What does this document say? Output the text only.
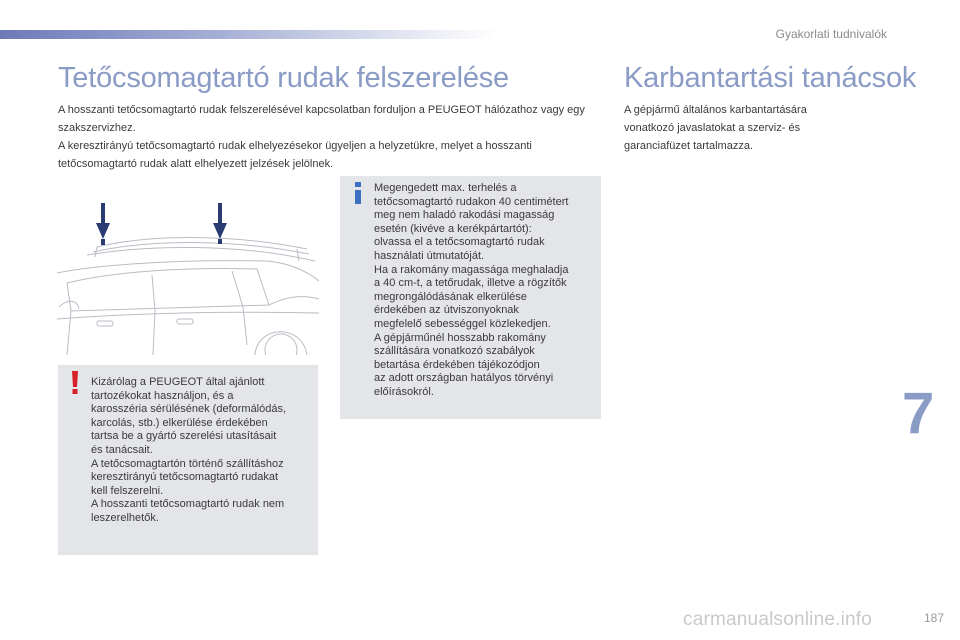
Gyakorlati tudnivalók
Tetőcsomagtartó rudak felszerelése	Karbantartási tanácsok

A hosszanti tetőcsomagtartó rudak felszerelésével kapcsolatban forduljon a PEUGEOT hálózathoz vagy egy szakszervizhez.

A keresztirányú tetőcsomagtartó rudak elhelyezésekor ügyeljen a helyzetükre, melyet a hosszanti tetőcsomagtartó rudak alatt elhelyezett jelzések jelölnek.

A gépjármű általános karbantartására vonatkozó javaslatokat a szerviz- és garanciafüzet tartalmazza.
Megengedett max. terhelés a
tetőcsomagtartó rudakon 40 centimétert
meg nem haladó rakodási magasság
esetén (kivéve a kerékpártartót):
olvassa el a tetőcsomagtartó rudak
használati útmutatóját.
Ha a rakomány magassága meghaladja
a 40 cm-t, a tetőrudak, illetve a rögzítők
megrongálódásának elkerülése
érdekében az útviszonyoknak
megfelelő sebességgel közlekedjen.
A gépjárműnél hosszabb rakomány
szállítására vonatkozó szabályok
betartása érdekében tájékozódjon
az adott országban hatályos törvényi
előírásokról.
Kizárólag a PEUGEOT által ajánlott
tartozékokat használjon, és a
karosszéria sérülésének (deformálódás,
karcolás, stb.) elkerülése érdekében
tartsa be a gyártó szerelési utasításait
és tanácsait.
A tetőcsomagtartón történő szállításhoz
keresztirányú tetőcsomagtartó rudakat
kell felszerelni.
A hosszanti tetőcsomagtartó rudak nem
leszerelhetők.
7
carmanualsonline.info	187
